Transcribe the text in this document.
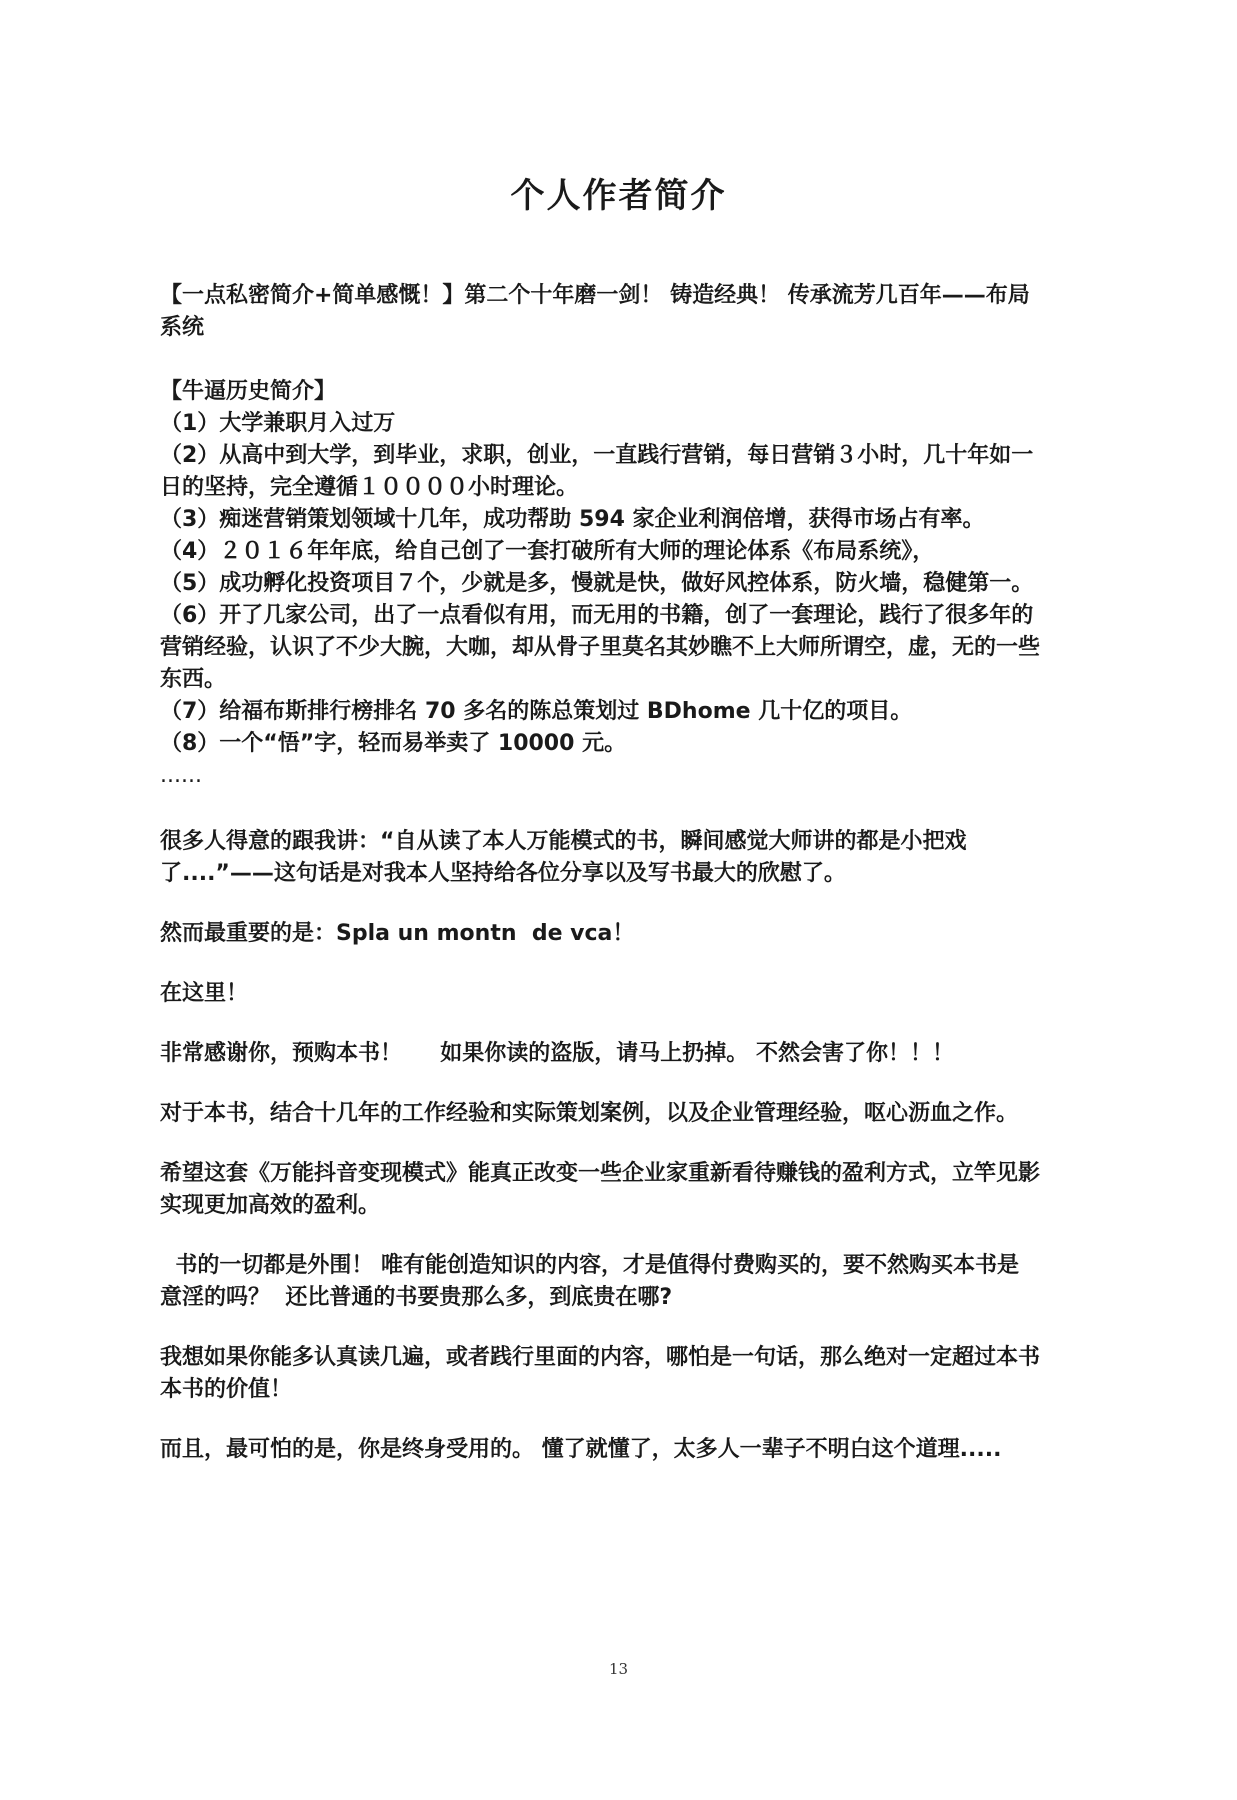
个人作者简介

【一点私密简介+简单感慨！】第二个十年磨一剑！ 铸造经典！ 传承流芳几百年——布局系统

【牛逼历史简介】

（1）大学兼职月入过万

（2）从高中到大学，到毕业，求职，创业，一直践行营销，每日营销３小时，几十年如一日的坚持，完全遵循１００００小时理论。

（3）痴迷营销策划领域十几年，成功帮助 594 家企业利润倍增，获得市场占有率。

（4）２０１６年年底，给自己创了一套打破所有大师的理论体系《布局系统》，

（5）成功孵化投资项目７个，少就是多，慢就是快，做好风控体系，防火墙，稳健第一。

（6）开了几家公司，出了一点看似有用，而无用的书籍，创了一套理论，践行了很多年的营销经验，认识了不少大腕，大咖，却从骨子里莫名其妙瞧不上大师所谓空，虚，无的一些东西。

（7）给福布斯排行榜排名 70 多名的陈总策划过 BDhome 几十亿的项目。

（8）一个“悟”字，轻而易举卖了 10000 元。

......

很多人得意的跟我讲：“自从读了本人万能模式的书，瞬间感觉大师讲的都是小把戏了....”——这句话是对我本人坚持给各位分享以及写书最大的欣慰了。

然而最重要的是：Spla un montn  de vca！

在这里！

非常感谢你，预购本书！     如果你读的盗版，请马上扔掉。 不然会害了你！！！

对于本书，结合十几年的工作经验和实际策划案例，以及企业管理经验，呕心沥血之作。

希望这套《万能抖音变现模式》能真正改变一些企业家重新看待赚钱的盈利方式，立竿见影实现更加高效的盈利。

书的一切都是外围！ 唯有能创造知识的内容，才是值得付费购买的，要不然购买本书是意淫的吗？  还比普通的书要贵那么多，到底贵在哪?

我想如果你能多认真读几遍，或者践行里面的内容，哪怕是一句话，那么绝对一定超过本书本书的价值！

而且，最可怕的是，你是终身受用的。 懂了就懂了，太多人一辈子不明白这个道理.....

13
